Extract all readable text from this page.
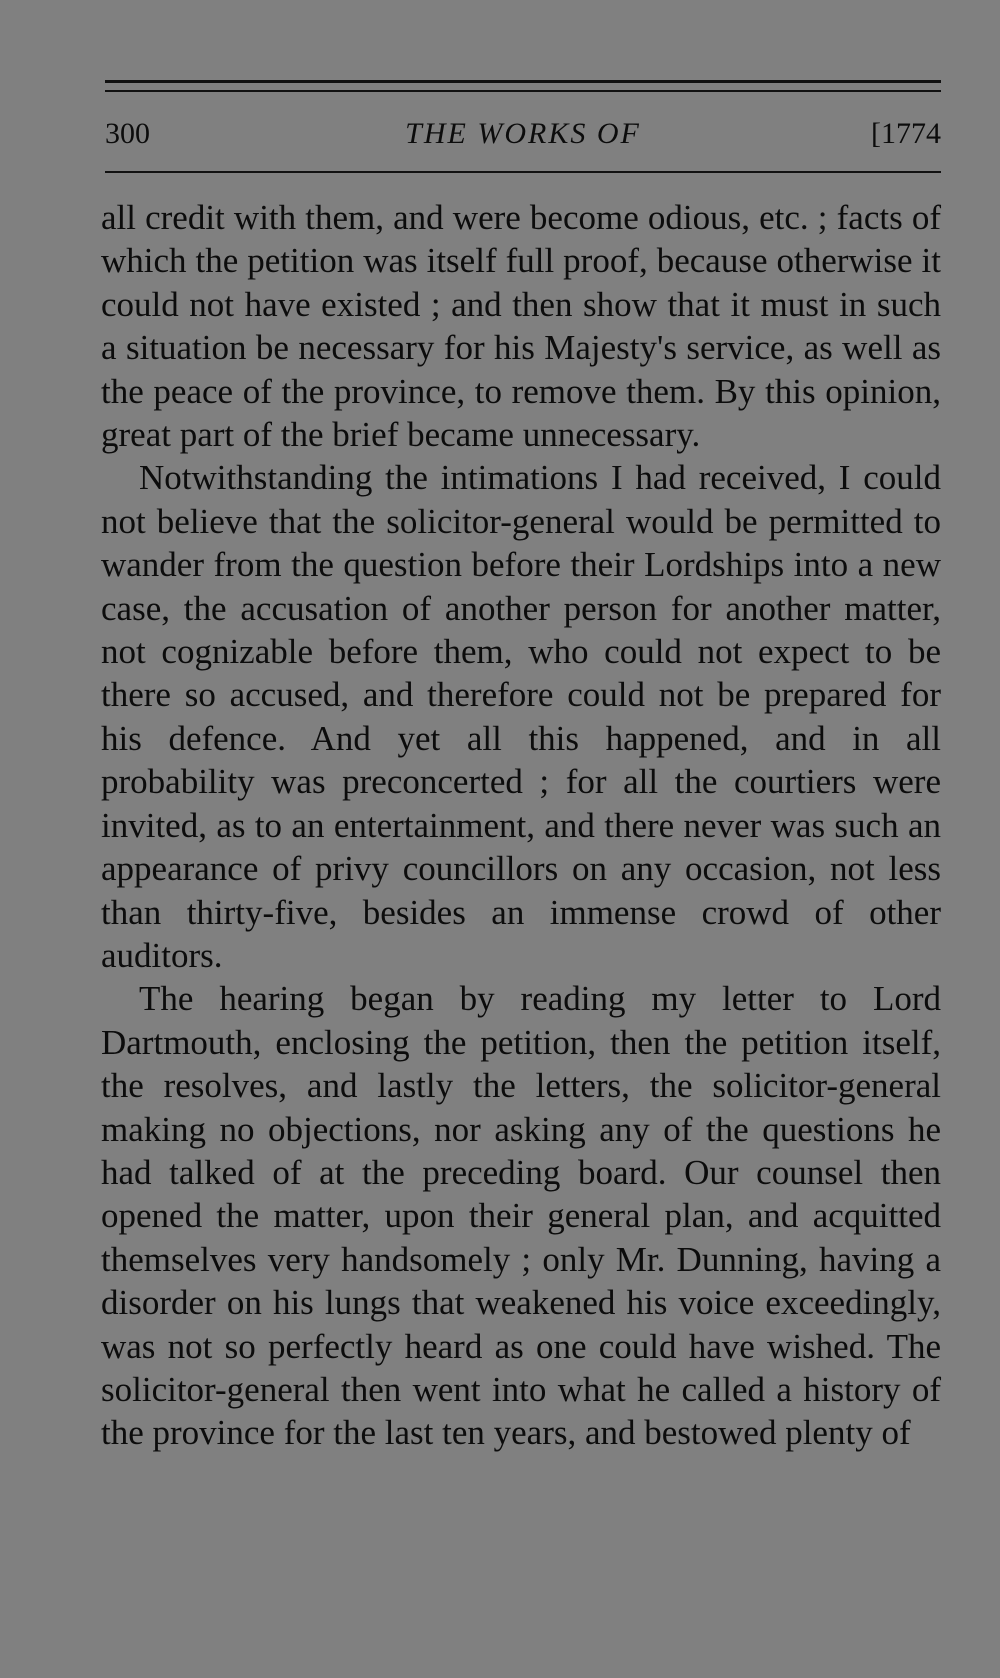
300	THE WORKS OF	[1774

all credit with them, and were become odious, etc. ; facts of which the petition was itself full proof, because otherwise it could not have existed ; and then show that it must in such a situation be necessary for his Majesty's service, as well as the peace of the province, to remove them. By this opinion, great part of the brief became unnecessary.

Notwithstanding the intimations I had received, I could not believe that the solicitor-general would be permitted to wander from the question before their Lordships into a new case, the accusation of another person for another matter, not cognizable before them, who could not expect to be there so accused, and therefore could not be prepared for his defence. And yet all this happened, and in all probability was preconcerted ; for all the courtiers were invited, as to an entertainment, and there never was such an appearance of privy councillors on any occasion, not less than thirty-five, besides an immense crowd of other auditors.

The hearing began by reading my letter to Lord Dartmouth, enclosing the petition, then the petition itself, the resolves, and lastly the letters, the solicitor-general making no objections, nor asking any of the questions he had talked of at the preceding board. Our counsel then opened the matter, upon their general plan, and acquitted themselves very handsomely ; only Mr. Dunning, having a disorder on his lungs that weakened his voice exceedingly, was not so perfectly heard as one could have wished. The solicitor-general then went into what he called a history of the province for the last ten years, and bestowed plenty of
